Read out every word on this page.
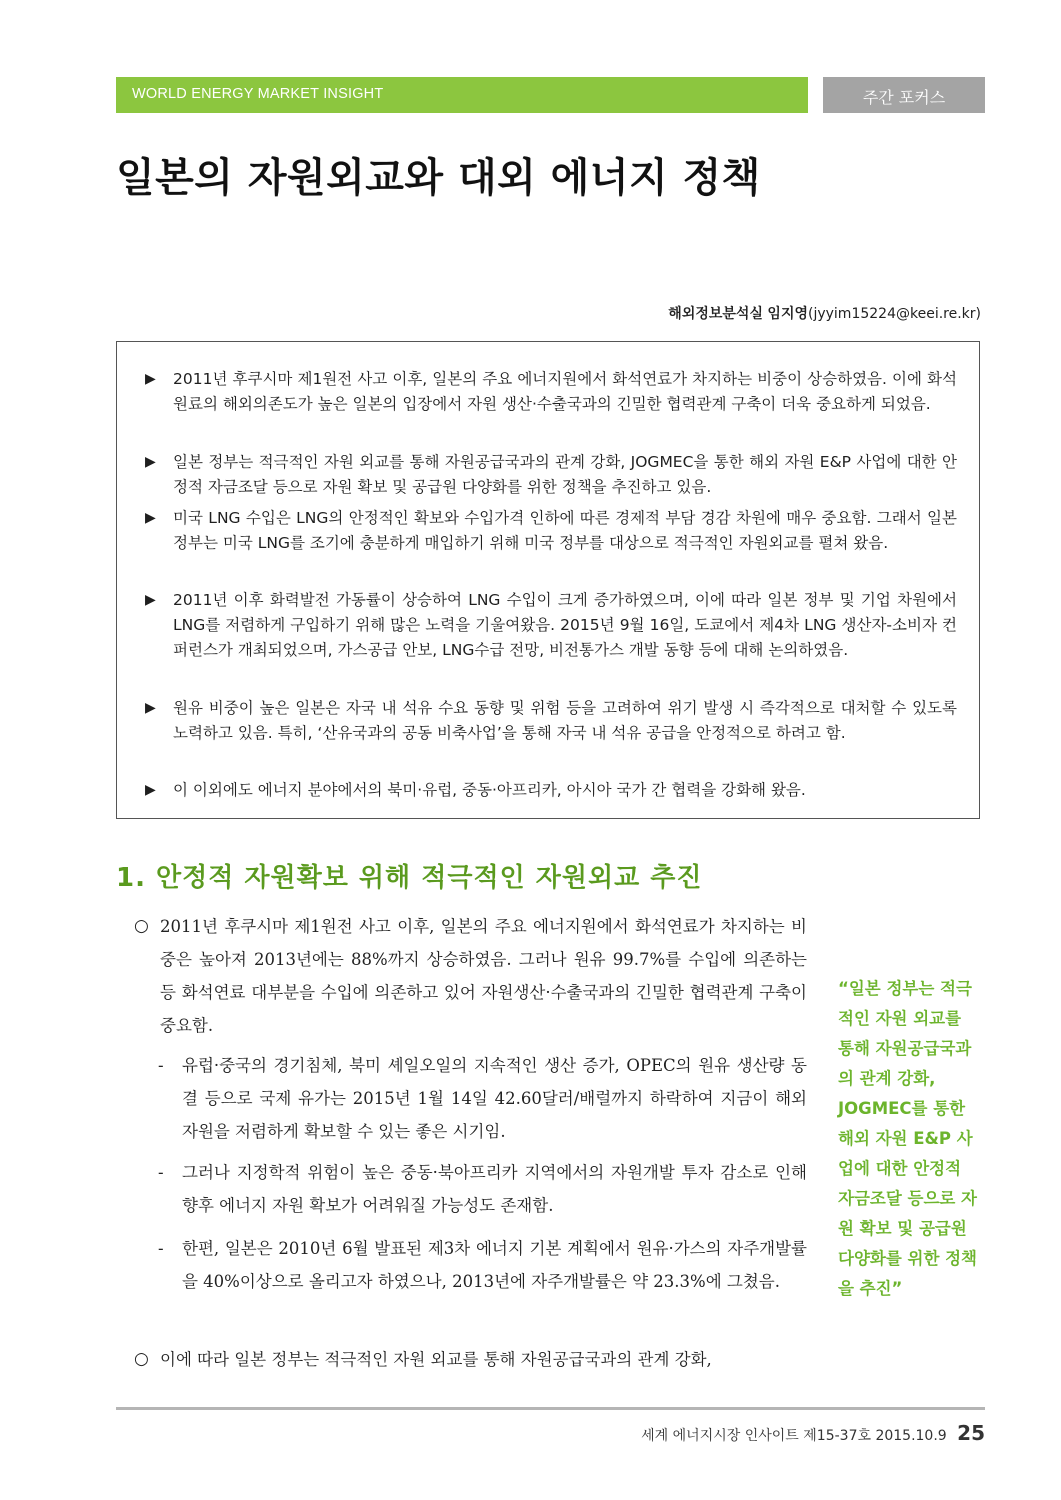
WORLD ENERGY MARKET INSIGHT	주간 포커스
일본의 자원외교와 대외 에너지 정책
해외정보분석실 임지영(jyyim15224@keei.re.kr)
▶	2011년 후쿠시마 제1원전 사고 이후, 일본의 주요 에너지원에서 화석연료가 차지하는 비중이 상승하였음. 이에 화석원료의 해외의존도가 높은 일본의 입장에서 자원 생산·수출국과의 긴밀한 협력관계 구축이 더욱 중요하게 되었음.
▶	일본 정부는 적극적인 자원 외교를 통해 자원공급국과의 관계 강화, JOGMEC을 통한 해외 자원 E&P 사업에 대한 안정적 자금조달 등으로 자원 확보 및 공급원 다양화를 위한 정책을 추진하고 있음.
▶	미국 LNG 수입은 LNG의 안정적인 확보와 수입가격 인하에 따른 경제적 부담 경감 차원에 매우 중요함. 그래서 일본 정부는 미국 LNG를 조기에 충분하게 매입하기 위해 미국 정부를 대상으로 적극적인 자원외교를 펼쳐 왔음.
▶	2011년 이후 화력발전 가동률이 상승하여 LNG 수입이 크게 증가하였으며, 이에 따라 일본 정부 및 기업 차원에서 LNG를 저렴하게 구입하기 위해 많은 노력을 기울여왔음. 2015년 9월 16일, 도쿄에서 제4차 LNG 생산자-소비자 컨퍼런스가 개최되었으며, 가스공급 안보, LNG수급 전망, 비전통가스 개발 동향 등에 대해 논의하였음.
▶	원유 비중이 높은 일본은 자국 내 석유 수요 동향 및 위험 등을 고려하여 위기 발생 시 즉각적으로 대처할 수 있도록 노력하고 있음. 특히, ‘산유국과의 공동 비축사업’을 통해 자국 내 석유 공급을 안정적으로 하려고 함.
▶	이 이외에도 에너지 분야에서의 북미·유럽, 중동·아프리카, 아시아 국가 간 협력을 강화해 왔음.
1. 안정적 자원확보 위해 적극적인 자원외교 추진
○ 2011년 후쿠시마 제1원전 사고 이후, 일본의 주요 에너지원에서 화석연료가 차지하는 비중은 높아져 2013년에는 88%까지 상승하였음. 그러나 원유 99.7%를 수입에 의존하는 등 화석연료 대부분을 수입에 의존하고 있어 자원생산·수출국과의 긴밀한 협력관계 구축이 중요함.
-	유럽·중국의 경기침체, 북미 셰일오일의 지속적인 생산 증가, OPEC의 원유 생산량 동결 등으로 국제 유가는 2015년 1월 14일 42.60달러/배럴까지 하락하여 지금이 해외 자원을 저렴하게 확보할 수 있는 좋은 시기임.
-	그러나 지정학적 위험이 높은 중동·북아프리카 지역에서의 자원개발 투자 감소로 인해 향후 에너지 자원 확보가 어려워질 가능성도 존재함.
-	한편, 일본은 2010년 6월 발표된 제3차 에너지 기본 계획에서 원유·가스의 자주개발률을 40%이상으로 올리고자 하였으나, 2013년에 자주개발률은 약 23.3%에 그쳤음.
○ 이에 따라 일본 정부는 적극적인 자원 외교를 통해 자원공급국과의 관계 강화,
“일본 정부는 적극적인 자원 외교를 통해 자원공급국과의 관계 강화, JOGMEC를 통한 해외 자원 E&P 사업에 대한 안정적 자금조달 등으로 자원 확보 및 공급원 다양화를 위한 정책을 추진”
세계 에너지시장 인사이트 제15-37호 2015.10.9 25
